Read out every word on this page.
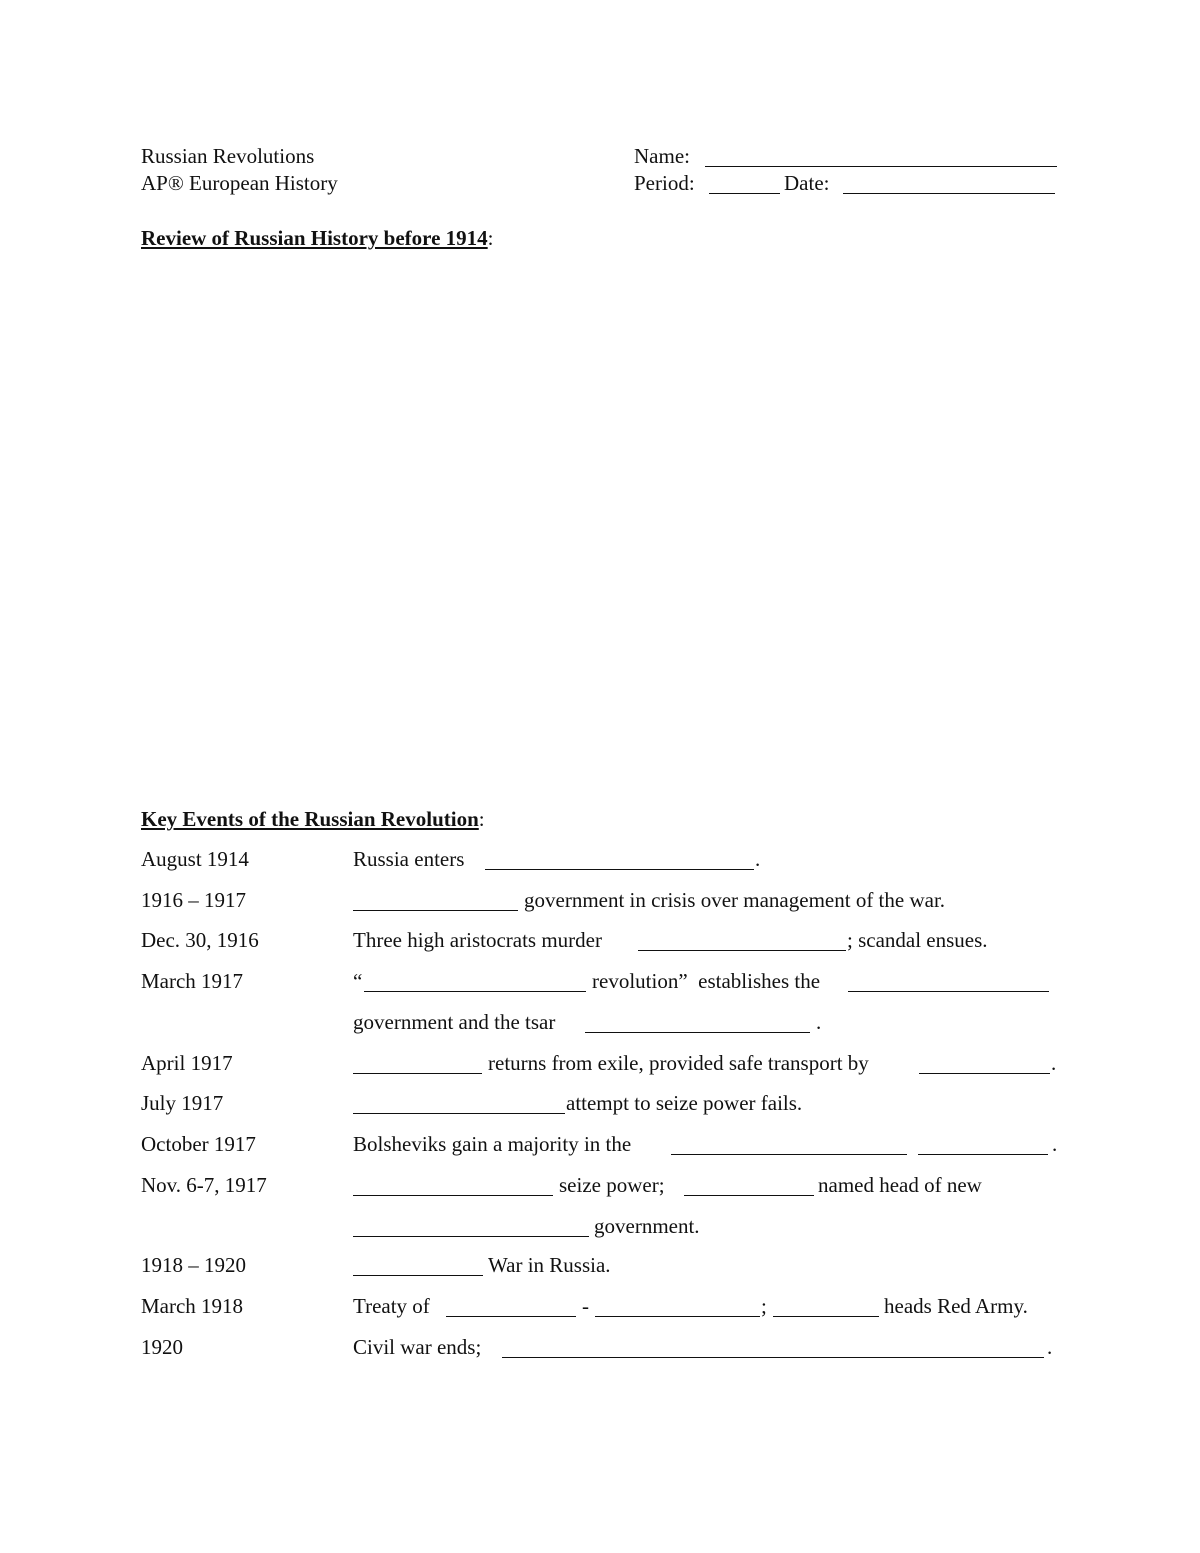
Russian Revolutions
AP® European History
Name:
Period:	Date:
Review of Russian History before 1914:
Key Events of the Russian Revolution:
August 1914	Russia enters	.
1916 – 1917	government in crisis over management of the war.
Dec. 30, 1916	Three high aristocrats murder	; scandal ensues.
March 1917	“	revolution”  establishes the
government and the tsar	.
April 1917	returns from exile, provided safe transport by	.
July 1917	attempt to seize power fails.
October 1917	Bolsheviks gain a majority in the	.
Nov. 6-7, 1917	seize power;	named head of new
government.
1918 – 1920	War in Russia.
March 1918	Treaty of	-	;	heads Red Army.
1920	Civil war ends;	.
